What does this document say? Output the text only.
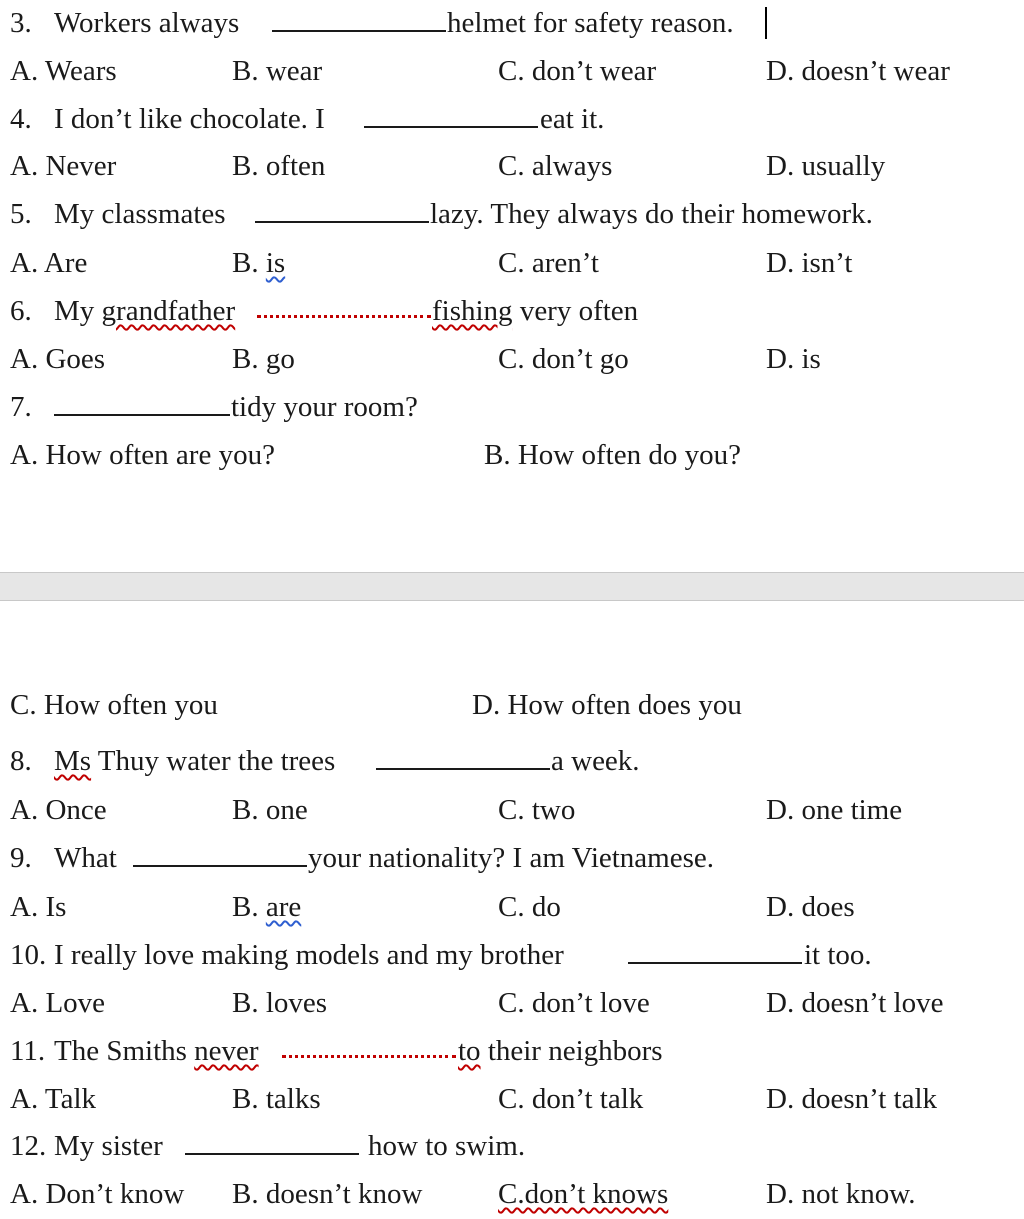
3. Workers always	helmet for safety reason.
A. Wears	B. wear	C. don’t wear	D. doesn’t wear
4. I don’t like chocolate. I	eat it.
A. Never	B. often	C. always	D. usually
5. My classmates	lazy. They always do their homework.
A. Are	B. is	C. aren’t	D. isn’t
6. My grandfather	fishing very often
A. Goes	B. go	C. don’t go	D. is
7.	tidy your room?
A. How often are you?	B. How often do you?
C. How often you	D. How often does you
8. Ms Thuy water the trees	a week.
A. Once	B. one	C. two	D. one time
9. What	your nationality? I am Vietnamese.
A. Is	B. are	C. do	D. does
10. I really love making models and my brother	it too.
A. Love	B. loves	C. don’t love	D. doesn’t love
11. The Smiths never	to their neighbors
A. Talk	B. talks	C. don’t talk	D. doesn’t talk
12. My sister	how to swim.
A. Don’t know B. doesn’t know	C.don’t knows	D. not know.
